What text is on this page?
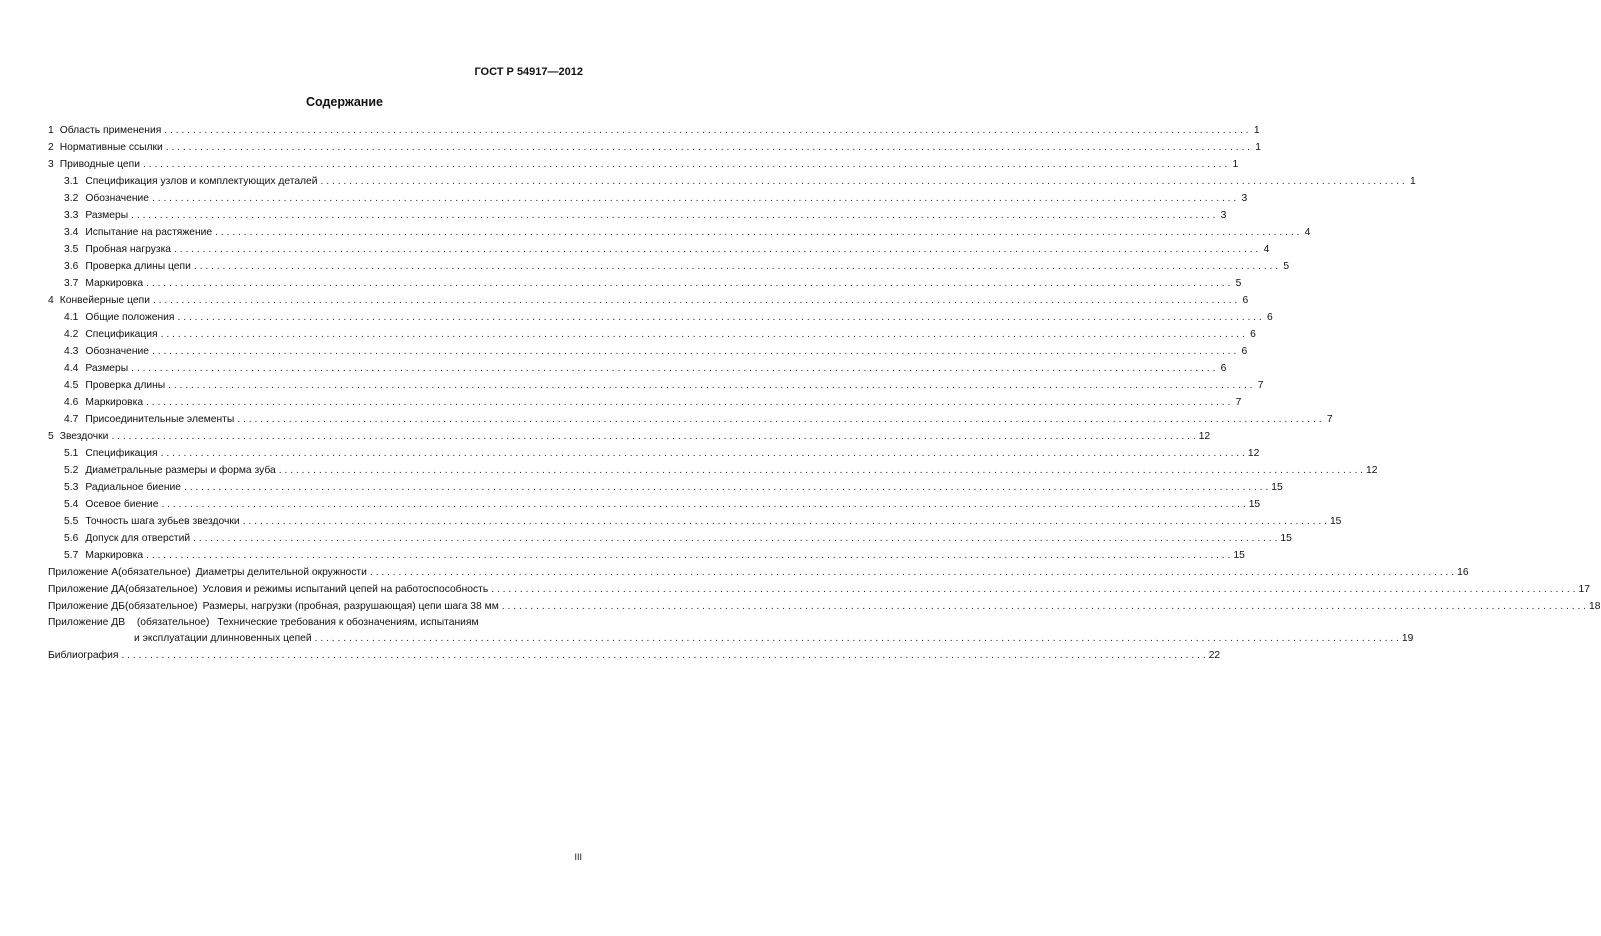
ГОСТ Р 54917—2012
Содержание
1 Область применения . . .	1
2 Нормативные ссылки . . .	1
3 Приводные цепи . . .	1
3.1 Спецификация узлов и комплектующих деталей . . .	1
3.2 Обозначение . . .	3
3.3 Размеры . . .	3
3.4 Испытание на растяжение . . .	4
3.5 Пробная нагрузка . . .	4
3.6 Проверка длины цепи . . .	5
3.7 Маркировка . . .	5
4 Конвейерные цепи . . .	6
4.1 Общие положения . . .	6
4.2 Спецификация . . .	6
4.3 Обозначение . . .	6
4.4 Размеры . . .	6
4.5 Проверка длины . . .	7
4.6 Маркировка . . .	7
4.7 Присоединительные элементы . . .	7
5 Звездочки . . .	12
5.1 Спецификация . . .	12
5.2 Диаметральные размеры и форма зуба . . .	12
5.3 Радиальное биение . . .	15
5.4 Осевое биение . . .	15
5.5 Точность шага зубьев звездочки . . .	15
5.6 Допуск для отверстий . . .	15
5.7 Маркировка . . .	15
Приложение А (обязательное) Диаметры делительной окружности . . .	16
Приложение ДА (обязательное) Условия и режимы испытаний цепей на работоспособность . . .	17
Приложение ДБ (обязательное) Размеры, нагрузки (пробная, разрушающая) цепи шага 38 мм . . .	18
Приложение ДВ (обязательное) Технические требования к обозначениям, испытаниям
и эксплуатации длинновенных цепей . . .	19
Библиография . . .	22
III
